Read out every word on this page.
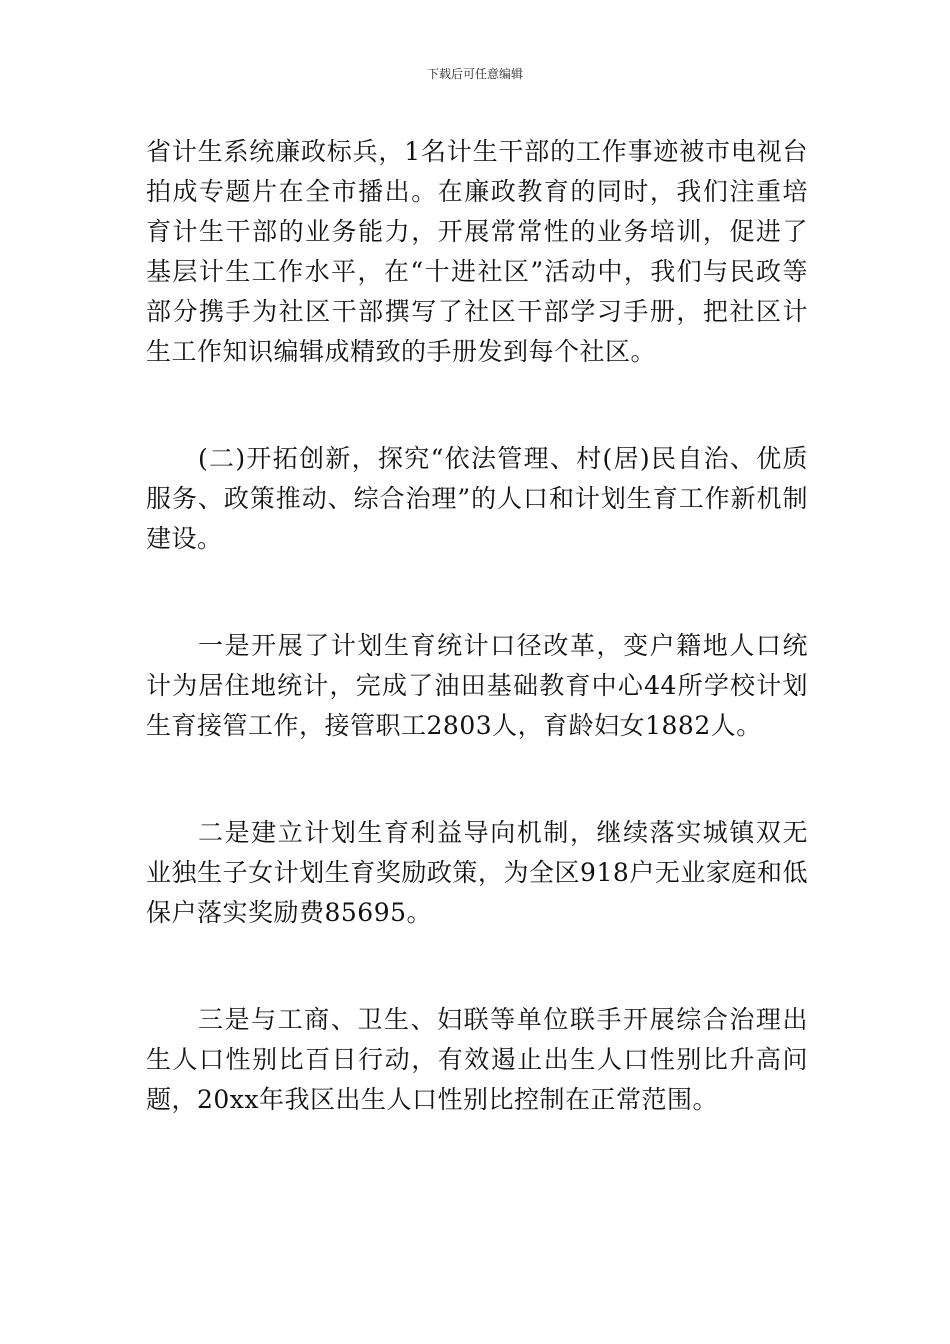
下载后可任意编辑

省计生系统廉政标兵，1名计生干部的工作事迹被市电视台拍成专题片在全市播出。在廉政教育的同时，我们注重培育计生干部的业务能力，开展常常性的业务培训，促进了基层计生工作水平，在“十进社区”活动中，我们与民政等部分携手为社区干部撰写了社区干部学习手册，把社区计生工作知识编辑成精致的手册发到每个社区。

(二)开拓创新，探究“依法管理、村(居)民自治、优质服务、政策推动、综合治理”的人口和计划生育工作新机制建设。

一是开展了计划生育统计口径改革，变户籍地人口统计为居住地统计，完成了油田基础教育中心44所学校计划生育接管工作，接管职工2803人，育龄妇女1882人。

二是建立计划生育利益导向机制，继续落实城镇双无业独生子女计划生育奖励政策，为全区918户无业家庭和低保户落实奖励费85695。

三是与工商、卫生、妇联等单位联手开展综合治理出生人口性别比百日行动，有效遏止出生人口性别比升高问题，20xx年我区出生人口性别比控制在正常范围。
